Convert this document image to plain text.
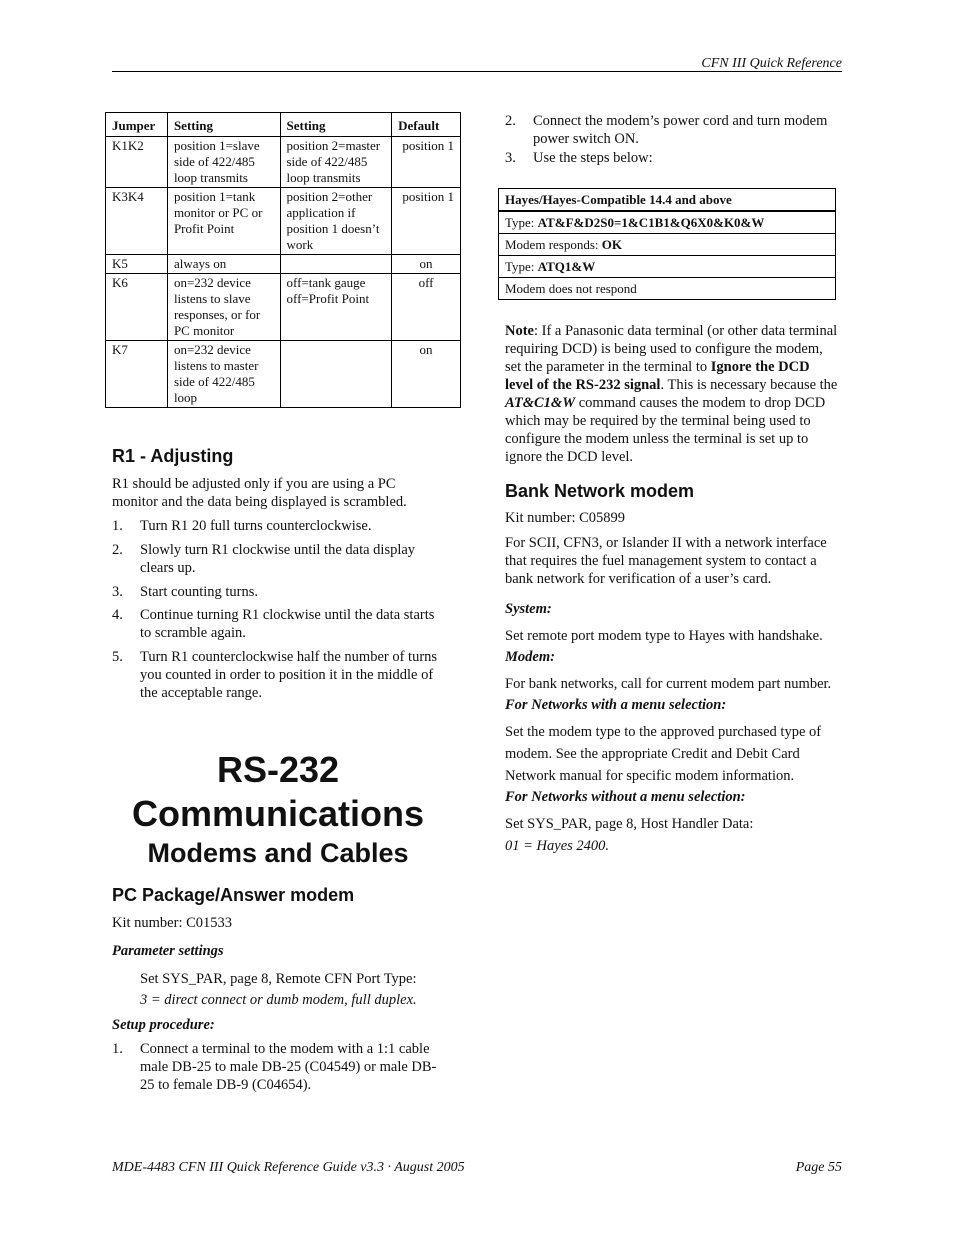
CFN III Quick Reference
Jumper	Setting	Setting	Default
K1K2	position 1=slave side of 422/485 loop transmits	position 2=master side of 422/485 loop transmits	position 1
K3K4	position 1=tank monitor or PC or Profit Point	position 2=other application if position 1 doesn’t work	position 1
K5	always on		on
K6	on=232 device listens to slave responses, or for PC monitor	off=tank gauge off=Profit Point	off
K7	on=232 device listens to master side of 422/485 loop		on
R1 - Adjusting

R1 should be adjusted only if you are using a PC monitor and the data being displayed is scrambled.

1. Turn R1 20 full turns counterclockwise.
2. Slowly turn R1 clockwise until the data display clears up.
3. Start counting turns.
4. Continue turning R1 clockwise until the data starts to scramble again.
5. Turn R1 counterclockwise half the number of turns you counted in order to position it in the middle of the acceptable range.
RS-232
Communications
Modems and Cables
PC Package/Answer modem

Kit number: C01533

Parameter settings

Set SYS_PAR, page 8, Remote CFN Port Type:

3 = direct connect or dumb modem, full duplex.

Setup procedure:

1. Connect a terminal to the modem with a 1:1 cable male DB-25 to male DB-25 (C04549) or male DB-25 to female DB-9 (C04654).
2. Connect the modem’s power cord and turn modem power switch ON.
3. Use the steps below:
Hayes/Hayes-Compatible 14.4 and above
Type: AT&F&D2S0=1&C1B1&Q6X0&K0&W
Modem responds: OK
Type: ATQ1&W
Modem does not respond

Note: If a Panasonic data terminal (or other data terminal requiring DCD) is being used to configure the modem, set the parameter in the terminal to Ignore the DCD level of the RS-232 signal. This is necessary because the AT&C1&W command causes the modem to drop DCD which may be required by the terminal being used to configure the modem unless the terminal is set up to ignore the DCD level.

Bank Network modem

Kit number: C05899

For SCII, CFN3, or Islander II with a network interface that requires the fuel management system to contact a bank network for verification of a user’s card.

System:

Set remote port modem type to Hayes with handshake.

Modem:

For bank networks, call for current modem part number.

For Networks with a menu selection:

Set the modem type to the approved purchased type of modem. See the appropriate Credit and Debit Card Network manual for specific modem information.

For Networks without a menu selection:

Set SYS_PAR, page 8, Host Handler Data:

01 = Hayes 2400.

MDE-4483 CFN III Quick Reference Guide v3.3 · August 2005	Page 55
